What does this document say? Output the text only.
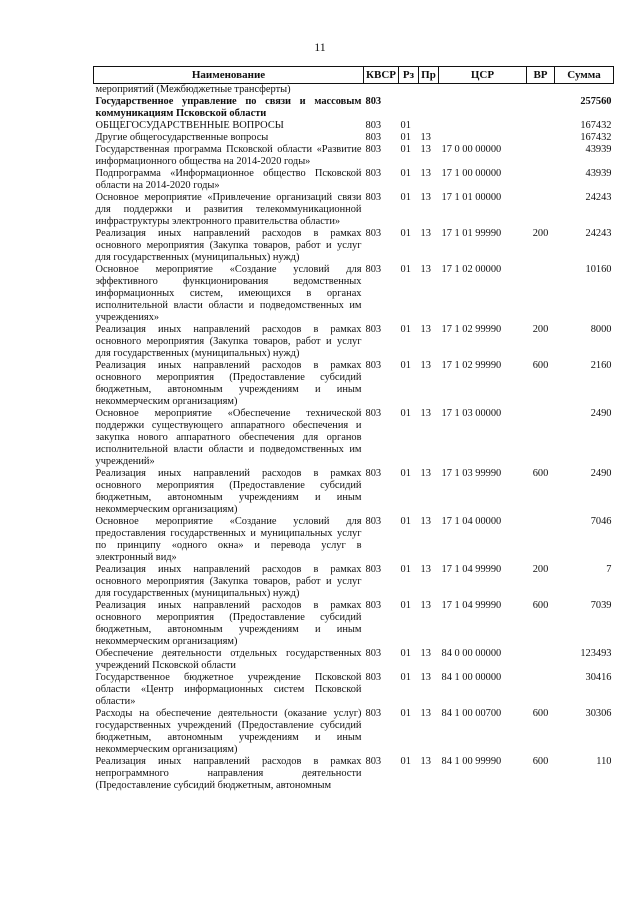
11
Наименование	КВСР	Рз	Пр	ЦСР	ВР	Сумма
мероприятий (Межбюджетные трансферты)						
Государственное управление по связи и массовым коммуникациям Псковской области	803					257560
ОБЩЕГОСУДАРСТВЕННЫЕ ВОПРОСЫ	803	01				167432
Другие общегосударственные вопросы	803	01	13			167432
Государственная программа Псковской области «Развитие информационного общества на 2014-2020 годы»	803	01	13	17 0 00 00000		43939
Подпрограмма «Информационное общество Псковской области на 2014-2020 годы»	803	01	13	17 1 00 00000		43939
Основное мероприятие «Привлечение организаций связи для поддержки и развития телекоммуникационной инфраструктуры электронного правительства области»	803	01	13	17 1 01 00000		24243
Реализация иных направлений расходов в рамках основного мероприятия (Закупка товаров, работ и услуг для государственных (муниципальных) нужд)	803	01	13	17 1 01 99990	200	24243
Основное мероприятие «Создание условий для эффективного функционирования ведомственных информационных систем, имеющихся в органах исполнительной власти области и подведомственных им учреждениях»	803	01	13	17 1 02 00000		10160
Реализация иных направлений расходов в рамках основного мероприятия (Закупка товаров, работ и услуг для государственных (муниципальных) нужд)	803	01	13	17 1 02 99990	200	8000
Реализация иных направлений расходов в рамках основного мероприятия (Предоставление субсидий бюджетным, автономным учреждениям и иным некоммерческим организациям)	803	01	13	17 1 02 99990	600	2160
Основное мероприятие «Обеспечение технической поддержки существующего аппаратного обеспечения и закупка нового аппаратного обеспечения для органов исполнительной власти области и подведомственных им учреждений»	803	01	13	17 1 03 00000		2490
Реализация иных направлений расходов в рамках основного мероприятия (Предоставление субсидий бюджетным, автономным учреждениям и иным некоммерческим организациям)	803	01	13	17 1 03 99990	600	2490
Основное мероприятие «Создание условий для предоставления государственных и муниципальных услуг по принципу «одного окна» и перевода услуг в электронный вид»	803	01	13	17 1 04 00000		7046
Реализация иных направлений расходов в рамках основного мероприятия (Закупка товаров, работ и услуг для государственных (муниципальных) нужд)	803	01	13	17 1 04 99990	200	7
Реализация иных направлений расходов в рамках основного мероприятия (Предоставление субсидий бюджетным, автономным учреждениям и иным некоммерческим организациям)	803	01	13	17 1 04 99990	600	7039
Обеспечение деятельности отдельных государственных учреждений Псковской области	803	01	13	84 0 00 00000		123493
Государственное бюджетное учреждение Псковской области «Центр информационных систем Псковской области»	803	01	13	84 1 00 00000		30416
Расходы на обеспечение деятельности (оказание услуг) государственных учреждений (Предоставление субсидий бюджетным, автономным учреждениям и иным некоммерческим организациям)	803	01	13	84 1 00 00700	600	30306
Реализация иных направлений расходов в рамках непрограммного направления деятельности (Предоставление субсидий бюджетным, автономным	803	01	13	84 1 00 99990	600	110
